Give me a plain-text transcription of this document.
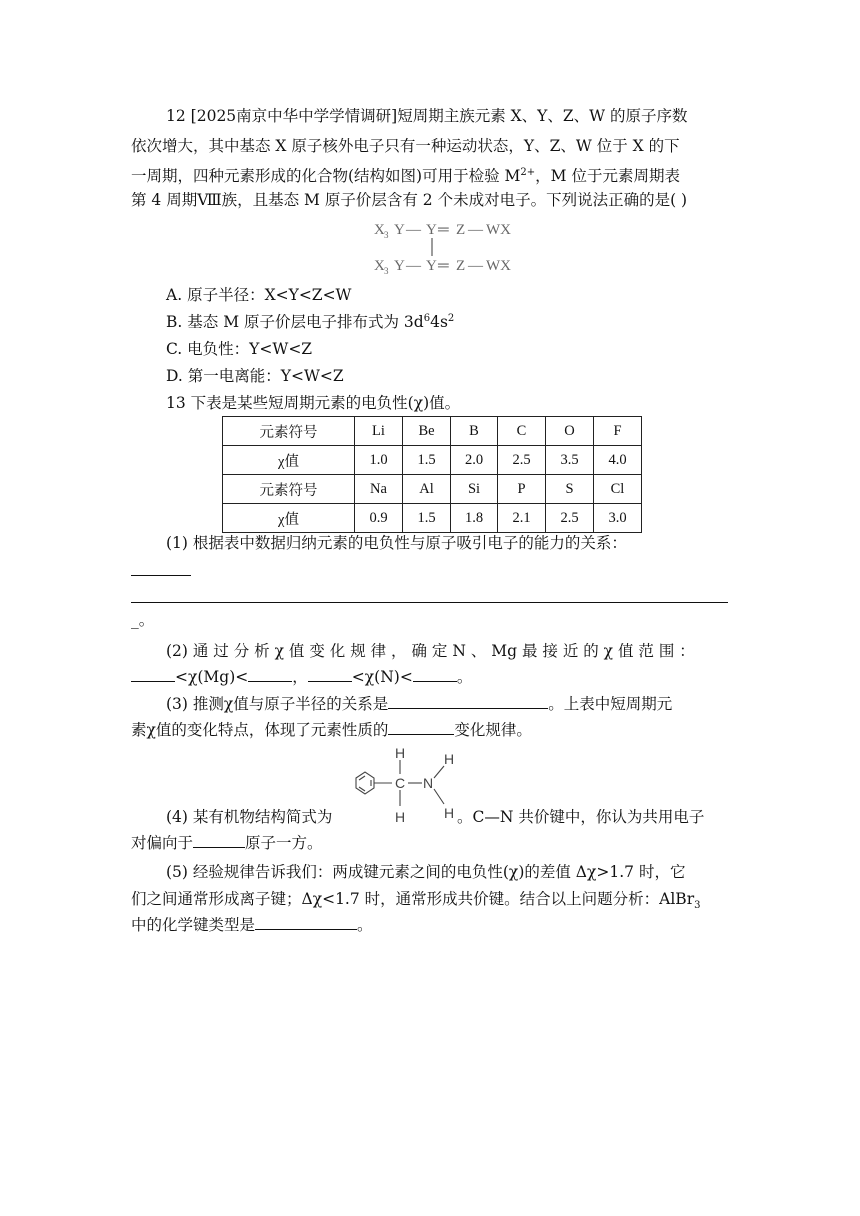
12 [2025南京中华中学学情调研]短周期主族元素 X、Y、Z、W 的原子序数
依次增大，其中基态 X 原子核外电子只有一种运动状态，Y、Z、W 位于 X 的下
一周期，四种元素形成的化合物(结构如图)可用于检验 $M^{2+}$，M 位于元素周期表
第 4 周期Ⅷ族，且基态 M 原子价层含有 2 个未成对电子。下列说法正确的是( )
X 3 Y — Y ═ Z — WX
X 3 Y — Y ═ Z — WX
A. 原子半径：X<Y<Z<W
B. 基态 M 原子价层电子排布式为 $3d^64s^2$
C. 电负性：Y<W<Z
D. 第一电离能：Y<W<Z
13 下表是某些短周期元素的电负性(χ)值。
元素符号	Li	Be	B	C	O	F
χ值	1.0	1.5	2.0	2.5	3.5	4.0
元素符号	Na	Al	Si	P	S	Cl
χ值	0.9	1.5	1.8	2.1	2.5	3.0
(1) 根据表中数据归纳元素的电负性与原子吸引电子的能力的关系：
_。
(2) 通 过 分 析 χ 值 变 化 规 律 ， 确 定 N 、 Mg 最 接 近 的 χ 值 范 围 ：
<χ(Mg)<	，	<χ(N)<	。
(3) 推测χ值与原子半径的关系是	。上表中短周期元
素χ值的变化特点，体现了元素性质的	变化规律。
H
C N
H
H	H
(4) 某有机物结构简式为	。C—N 共价键中，你认为共用电子
对偏向于	原子一方。
(5) 经验规律告诉我们：两成键元素之间的电负性(χ)的差值 Δχ>1.7 时，它
们之间通常形成离子键；Δχ<1.7 时，通常形成共价键。结合以上问题分析：AlBr$_3$
中的化学键类型是	。
